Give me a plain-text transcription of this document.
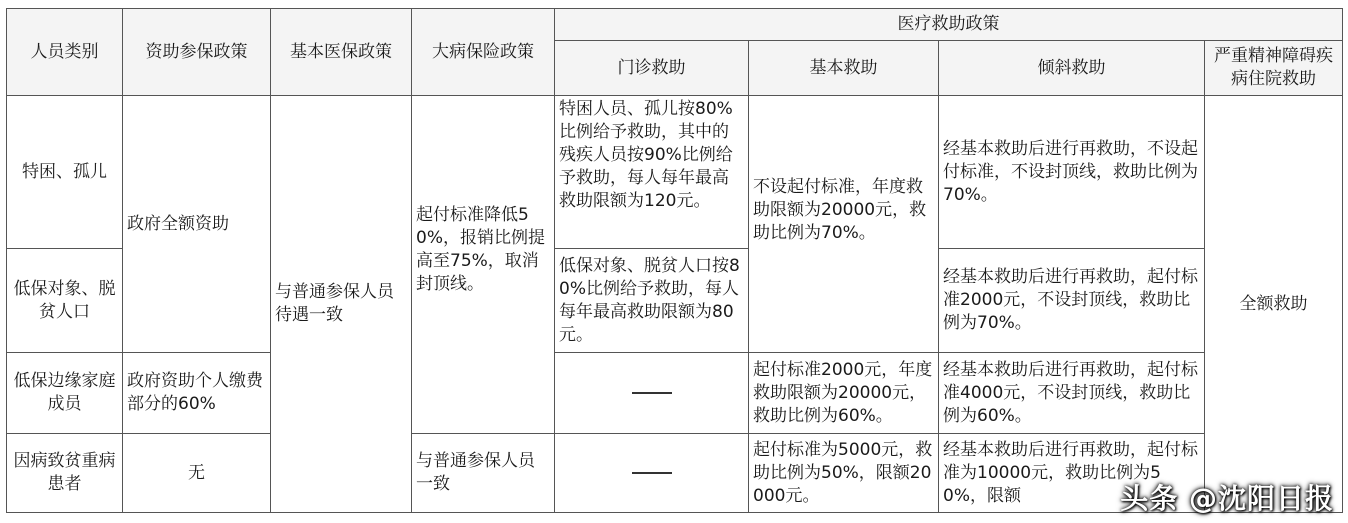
人员类别	资助参保政策	基本医保政策	大病保险政策	医疗救助政策			
				门诊救助	基本救助	倾斜救助	严重精神障碍疾病住院救助
特困、孤儿	政府全额资助	与普通参保人员待遇一致	起付标准降低50%，报销比例提高至75%，取消封顶线。	特困人员、孤儿按80%比例给予救助，其中的残疾人员按90%比例给予救助，每人每年最高救助限额为120元。	不设起付标准，年度救助限额为20000元，救助比例为70%。	经基本救助后进行再救助，不设起付标准，不设封顶线，救助比例为70%。	全额救助
低保对象、脱贫人口				低保对象、脱贫人口按80%比例给予救助，每人每年最高救助限额为80元。		经基本救助后进行再救助，起付标准2000元，不设封顶线，救助比例为70%。	
低保边缘家庭成员	政府资助个人缴费部分的60%				起付标准2000元，年度救助限额为20000元，救助比例为60%。	经基本救助后进行再救助，起付标准4000元，不设封顶线，救助比例为60%。	
因病致贫重病患者	无		与普通参保人员一致		起付标准为5000元，救助比例为50%，限额20000元。	经基本救助后进行再救助，起付标准为10000元，救助比例为50%，限额		头条 @沈阳日报
